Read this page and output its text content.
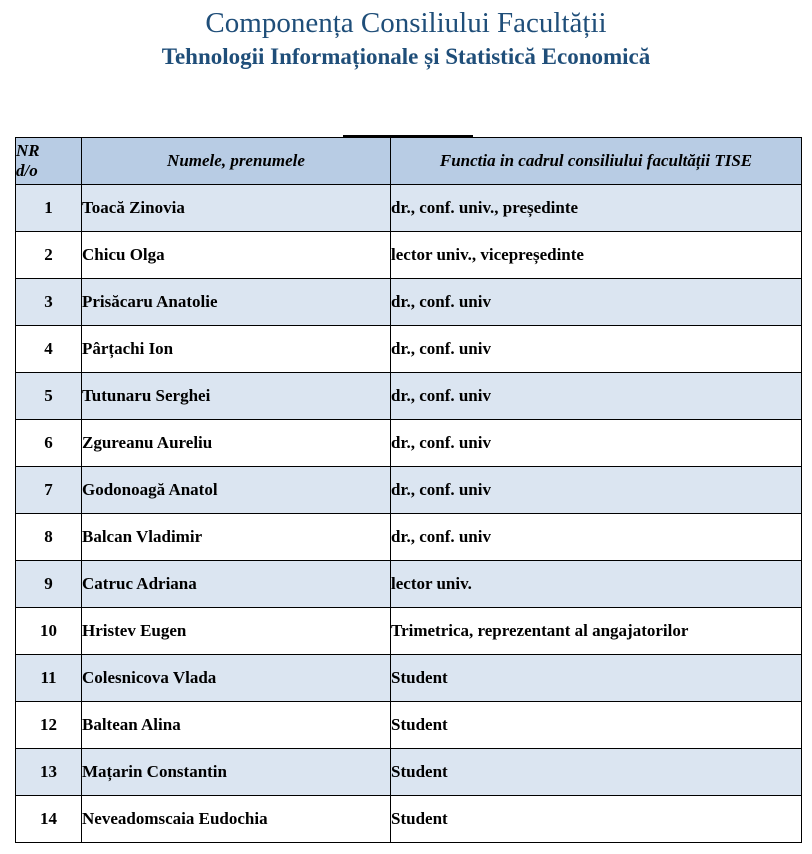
Componența Consiliului Facultății
Tehnologii Informaționale și Statistică Economică
NR
d/o	Numele, prenumele	Functia in cadrul consiliului facultății TISE
1	Toacă Zinovia	dr., conf. univ., președinte
2	Chicu Olga	lector univ., vicepreședinte
3	Prisăcaru Anatolie	dr., conf. univ
4	Pârțachi Ion	dr., conf. univ
5	Tutunaru Serghei	dr., conf. univ
6	Zgureanu Aureliu	dr., conf. univ
7	Godonoagă Anatol	dr., conf. univ
8	Balcan Vladimir	dr., conf. univ
9	Catruc Adriana	lector univ.
10	Hristev Eugen	Trimetrica, reprezentant al angajatorilor
11	Colesnicova Vlada	Student
12	Baltean Alina	Student
13	Mațarin Constantin	Student
14	Neveadomscaia Eudochia	Student
